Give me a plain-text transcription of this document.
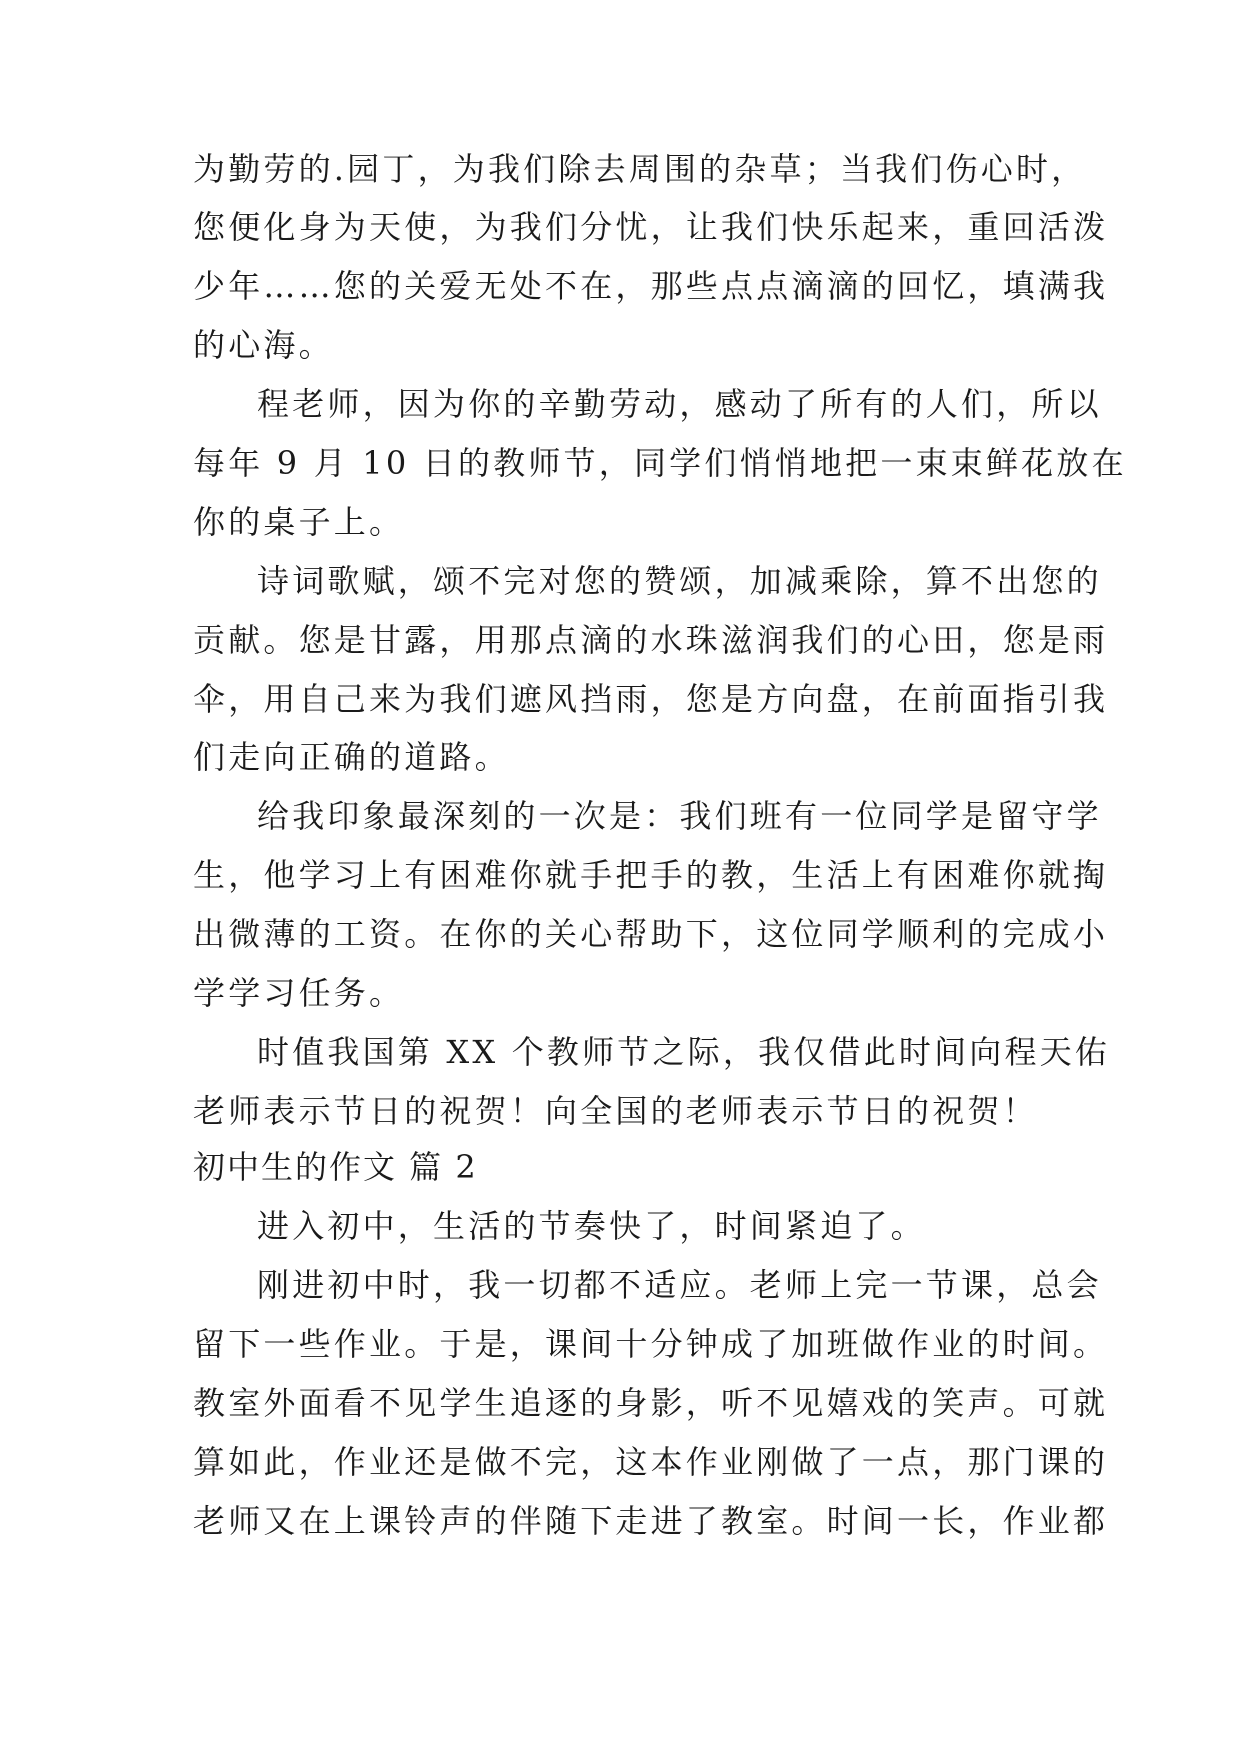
为勤劳的.园丁，为我们除去周围的杂草；当我们伤心时，
您便化身为天使，为我们分忧，让我们快乐起来，重回活泼
少年……您的关爱无处不在，那些点点滴滴的回忆，填满我
的心海。
程老师，因为你的辛勤劳动，感动了所有的人们，所以
每年 9 月 10 日的教师节，同学们悄悄地把一束束鲜花放在
你的桌子上。
诗词歌赋，颂不完对您的赞颂，加减乘除，算不出您的
贡献。您是甘露，用那点滴的水珠滋润我们的心田，您是雨
伞，用自己来为我们遮风挡雨，您是方向盘，在前面指引我
们走向正确的道路。
给我印象最深刻的一次是：我们班有一位同学是留守学
生，他学习上有困难你就手把手的教，生活上有困难你就掏
出微薄的工资。在你的关心帮助下，这位同学顺利的完成小
学学习任务。
时值我国第 XX 个教师节之际，我仅借此时间向程天佑
老师表示节日的祝贺！向全国的老师表示节日的祝贺！
初中生的作文 篇 2
进入初中，生活的节奏快了，时间紧迫了。
刚进初中时，我一切都不适应。老师上完一节课，总会
留下一些作业。于是，课间十分钟成了加班做作业的时间。
教室外面看不见学生追逐的身影，听不见嬉戏的笑声。可就
算如此，作业还是做不完，这本作业刚做了一点，那门课的
老师又在上课铃声的伴随下走进了教室。时间一长，作业都
